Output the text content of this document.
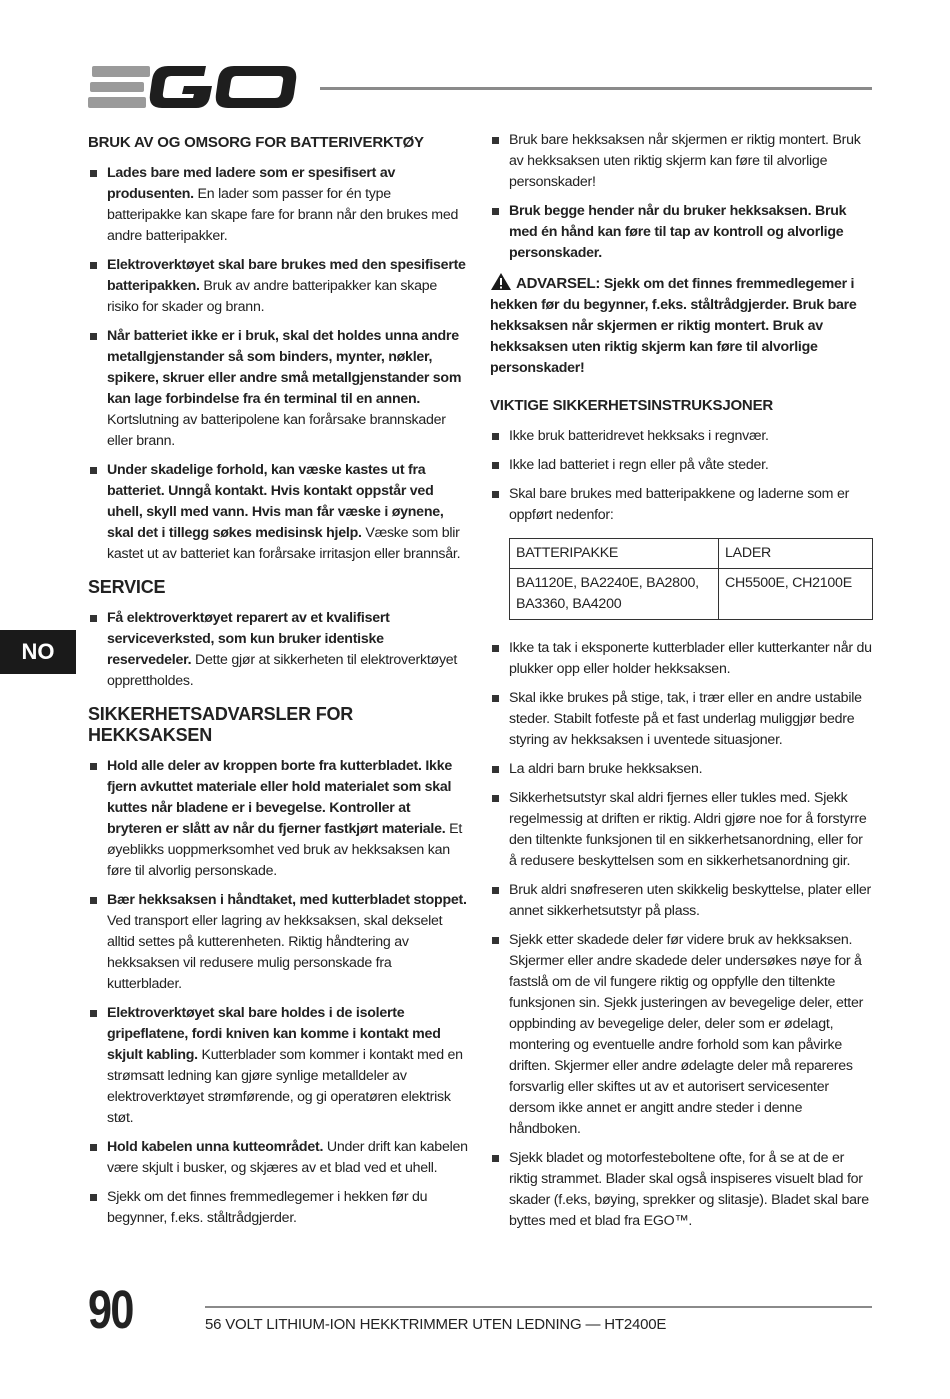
BRUK AV OG OMSORG FOR BATTERIVERKTØY
Lades bare med ladere som er spesifisert av produsenten. En lader som passer for én type batteripakke kan skape fare for brann når den brukes med andre batteripakker.
Elektroverktøyet skal bare brukes med den spesifiserte batteripakken. Bruk av andre batteripakker kan skape risiko for skader og brann.
Når batteriet ikke er i bruk, skal det holdes unna andre metallgjenstander så som binders, mynter, nøkler, spikere, skruer eller andre små metallgjenstander som kan lage forbindelse fra én terminal til en annen. Kortslutning av batteripolene kan forårsake brannskader eller brann.
Under skadelige forhold, kan væske kastes ut fra batteriet. Unngå kontakt. Hvis kontakt oppstår ved uhell, skyll med vann. Hvis man får væske i øynene, skal det i tillegg søkes medisinsk hjelp. Væske som blir kastet ut av batteriet kan forårsake irritasjon eller brannsår.
SERVICE
Få elektroverktøyet reparert av et kvalifisert serviceverksted, som kun bruker identiske reservedeler. Dette gjør at sikkerheten til elektroverktøyet opprettholdes.
SIKKERHETSADVARSLER FOR HEKKSAKSEN
Hold alle deler av kroppen borte fra kutterbladet. Ikke fjern avkuttet materiale eller hold materialet som skal kuttes når bladene er i bevegelse. Kontroller at bryteren er slått av når du fjerner fastkjørt materiale. Et øyeblikks uoppmerksomhet ved bruk av hekksaksen kan føre til alvorlig personskade.
Bær hekksaksen i håndtaket, med kutterbladet stoppet. Ved transport eller lagring av hekksaksen, skal dekselet alltid settes på kutterenheten. Riktig håndtering av hekksaksen vil redusere mulig personskade fra kutterblader.
Elektroverktøyet skal bare holdes i de isolerte gripeflatene, fordi kniven kan komme i kontakt med skjult kabling. Kutterblader som kommer i kontakt med en strømsatt ledning kan gjøre synlige metalldeler av elektroverktøyet strømførende, og gi operatøren elektrisk støt.
Hold kabelen unna kutteområdet. Under drift kan kabelen være skjult i busker, og skjæres av et blad ved et uhell.
Sjekk om det finnes fremmedlegemer i hekken før du begynner, f.eks. ståltrådgjerder.
Bruk bare hekksaksen når skjermen er riktig montert. Bruk av hekksaksen uten riktig skjerm kan føre til alvorlige personskader!
Bruk begge hender når du bruker hekksaksen. Bruk med én hånd kan føre til tap av kontroll og alvorlige personskader.
ADVARSEL: Sjekk om det finnes fremmedlegemer i hekken før du begynner, f.eks. ståltrådgjerder. Bruk bare hekksaksen når skjermen er riktig montert. Bruk av hekksaksen uten riktig skjerm kan føre til alvorlige personskader!
VIKTIGE SIKKERHETSINSTRUKSJONER
Ikke bruk batteridrevet hekksaks i regnvær.
Ikke lad batteriet i regn eller på våte steder.
Skal bare brukes med batteripakkene og laderne som er oppført nedenfor:
BATTERIPAKKE	LADER
BA1120E, BA2240E, BA2800, BA3360, BA4200	CH5500E, CH2100E
Ikke ta tak i eksponerte kutterblader eller kutterkanter når du plukker opp eller holder hekksaksen.
Skal ikke brukes på stige, tak, i trær eller en andre ustabile steder. Stabilt fotfeste på et fast underlag muliggjør bedre styring av hekksaksen i uventede situasjoner.
La aldri barn bruke hekksaksen.
Sikkerhetsutstyr skal aldri fjernes eller tukles med. Sjekk regelmessig at driften er riktig. Aldri gjøre noe for å forstyrre den tiltenkte funksjonen til en sikkerhetsanordning, eller for å redusere beskyttelsen som en sikkerhetsanordning gir.
Bruk aldri snøfreseren uten skikkelig beskyttelse, plater eller annet sikkerhetsutstyr på plass.
Sjekk etter skadede deler før videre bruk av hekksaksen. Skjermer eller andre skadede deler undersøkes nøye for å fastslå om de vil fungere riktig og oppfylle den tiltenkte funksjonen sin. Sjekk justeringen av bevegelige deler, etter oppbinding av bevegelige deler, deler som er ødelagt, montering og eventuelle andre forhold som kan påvirke driften. Skjermer eller andre ødelagte deler må repareres forsvarlig eller skiftes ut av et autorisert servicesenter dersom ikke annet er angitt andre steder i denne håndboken.
Sjekk bladet og motorfesteboltene ofte, for å se at de er riktig strammet. Blader skal også inspiseres visuelt blad for skader (f.eks, bøying, sprekker og slitasje). Bladet skal bare byttes med et blad fra EGO™.
NO
90	56 VOLT LITHIUM-ION HEKKTRIMMER UTEN LEDNING — HT2400E
